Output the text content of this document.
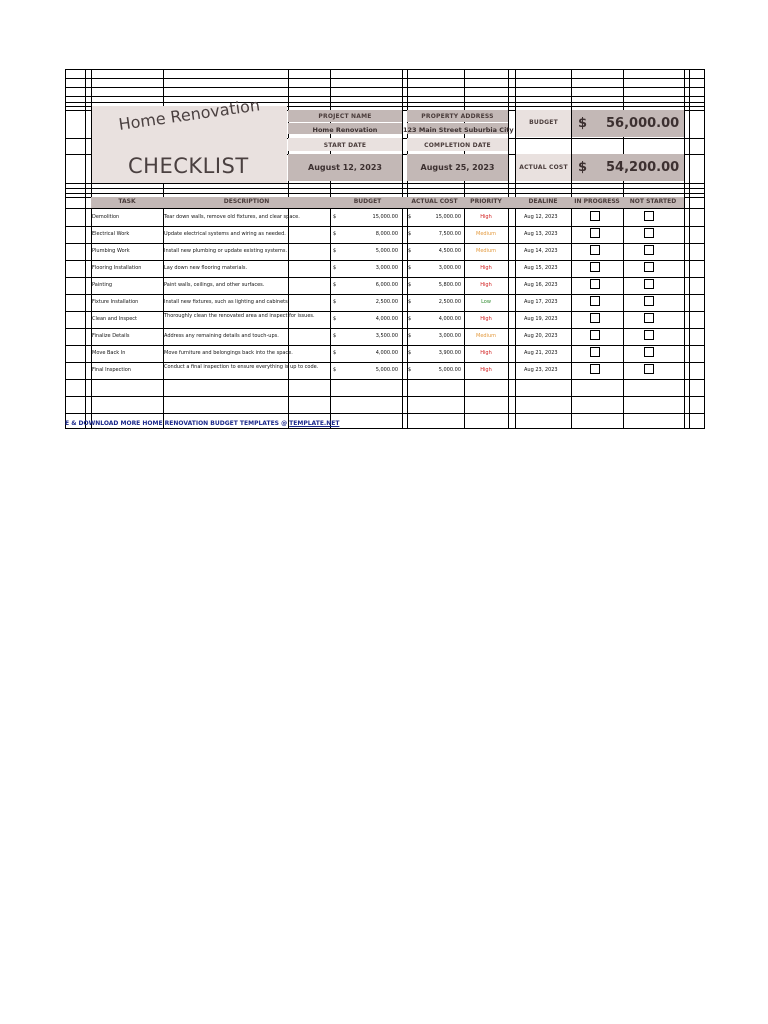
Home Renovation
CHECKLIST
PROJECT NAME
Home Renovation
PROPERTY ADDRESS
123 Main Street Suburbia City
START DATE	COMPLETION DATE
August 12, 2023	August 25, 2023
BUDGET	$ 56,000.00
ACTUAL COST $ 54,200.00
TASK	DESCRIPTION	BUDGET	ACTUAL COST	PRIORITY	DEALINE	IN PROGRESS	NOT STARTED
Demolition	Tear down walls, remove old fixtures, and clear space.	$	15,000.00 $	15,000.00	High	Aug 12, 2023
Electrical Work	Update electrical systems and wiring as needed.	$	8,000.00 $	7,500.00	Medium	Aug 13, 2023
Plumbing Work	Install new plumbing or update existing systems.	$	5,000.00 $	4,500.00	Medium	Aug 14, 2023
Flooring Installation	Lay down new flooring materials.	$	3,000.00 $	3,000.00	High	Aug 15, 2023
Painting	Paint walls, ceilings, and other surfaces.	$	6,000.00 $	5,800.00	High	Aug 16, 2023
Fixture Installation	Install new fixtures, such as lighting and cabinets.	$	2,500.00 $	2,500.00	Low	Aug 17, 2023
Clean and Inspect	Thoroughly clean the renovated area and inspect for issues.	$	4,000.00 $	4,000.00	High	Aug 19, 2023
Finalize Details	Address any remaining details and touch-ups.	$	3,500.00 $	3,000.00	Medium	Aug 20, 2023
Move Back In	Move furniture and belongings back into the space.	$	4,000.00 $	3,900.00	High	Aug 21, 2023
Final Inspection	Conduct a final inspection to ensure everything is up to code.	$	5,000.00 $	5,000.00	High	Aug 23, 2023
E & DOWNLOAD MORE HOME RENOVATION BUDGET TEMPLATES @ TEMPLATE.NET
